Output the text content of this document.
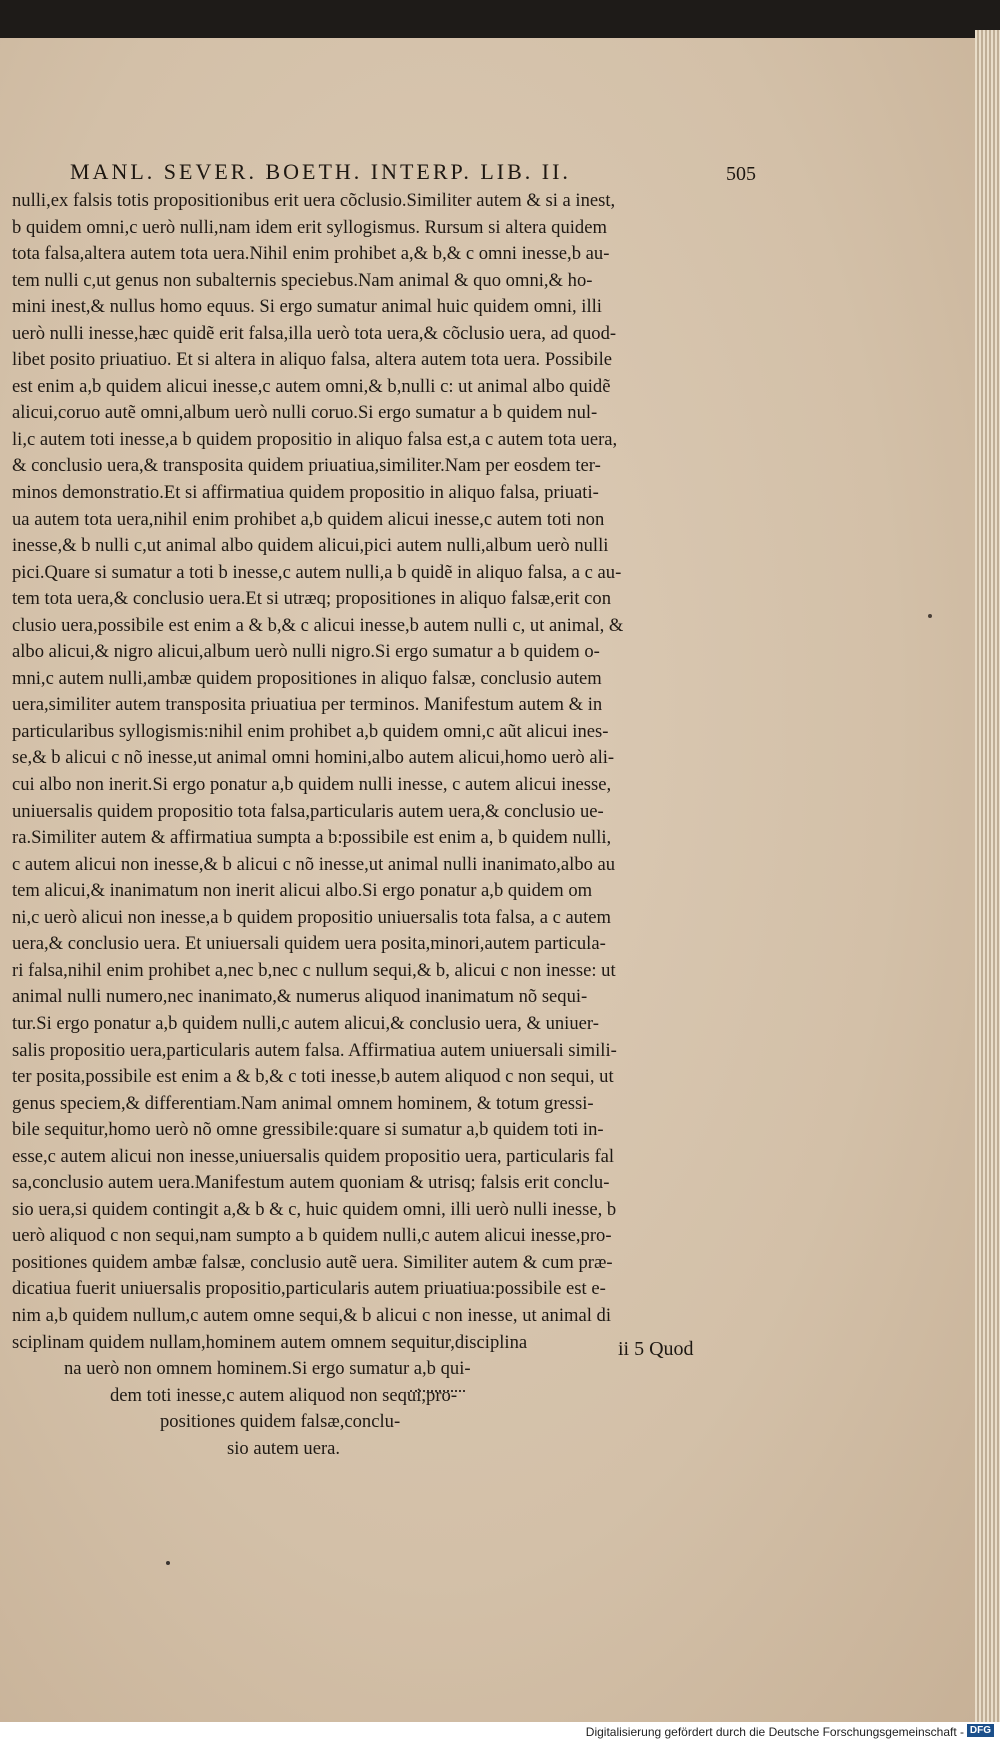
MANL. SEVER. BOETH. INTERP. LIB. II.	505
nulli,ex falsis totis propositionibus erit uera cõclusio.Similiter autem & si a inest,
b quidem omni,c uerò nulli,nam idem erit syllogismus. Rursum si altera quidem
tota falsa,altera autem tota uera.Nihil enim prohibet a,& b,& c omni inesse,b au-
tem nulli c,ut genus non subalternis speciebus.Nam animal & quo omni,& ho-
mini inest,& nullus homo equus. Si ergo sumatur animal huic quidem omni, illi
uerò nulli inesse,hæc quidẽ erit falsa,illa uerò tota uera,& cõclusio uera, ad quod-
libet posito priuatiuo. Et si altera in aliquo falsa, altera autem tota uera. Possibile
est enim a,b quidem alicui inesse,c autem omni,& b,nulli c: ut animal albo quidẽ
alicui,coruo autẽ omni,album uerò nulli coruo.Si ergo sumatur a b quidem nul-
li,c autem toti inesse,a b quidem propositio in aliquo falsa est,a c autem tota uera,
& conclusio uera,& transposita quidem priuatiua,similiter.Nam per eosdem ter-
minos demonstratio.Et si affirmatiua quidem propositio in aliquo falsa, priuati-
ua autem tota uera,nihil enim prohibet a,b quidem alicui inesse,c autem toti non
inesse,& b nulli c,ut animal albo quidem alicui,pici autem nulli,album uerò nulli
pici.Quare si sumatur a toti b inesse,c autem nulli,a b quidẽ in aliquo falsa, a c au-
tem tota uera,& conclusio uera.Et si utræq; propositiones in aliquo falsæ,erit con
clusio uera,possibile est enim a & b,& c alicui inesse,b autem nulli c, ut animal, &
albo alicui,& nigro alicui,album uerò nulli nigro.Si ergo sumatur a b quidem o-
mni,c autem nulli,ambæ quidem propositiones in aliquo falsæ, conclusio autem
uera,similiter autem transposita priuatiua per terminos. Manifestum autem & in
particularibus syllogismis:nihil enim prohibet a,b quidem omni,c aũt alicui ines-
se,& b alicui c nõ inesse,ut animal omni homini,albo autem alicui,homo uerò ali-
cui albo non inerit.Si ergo ponatur a,b quidem nulli inesse, c autem alicui inesse,
uniuersalis quidem propositio tota falsa,particularis autem uera,& conclusio ue-
ra.Similiter autem & affirmatiua sumpta a b:possibile est enim a, b quidem nulli,
c autem alicui non inesse,& b alicui c nõ inesse,ut animal nulli inanimato,albo au
tem alicui,& inanimatum non inerit alicui albo.Si ergo ponatur a,b quidem om
ni,c uerò alicui non inesse,a b quidem propositio uniuersalis tota falsa, a c autem
uera,& conclusio uera. Et uniuersali quidem uera posita,minori,autem particula-
ri falsa,nihil enim prohibet a,nec b,nec c nullum sequi,& b, alicui c non inesse: ut
animal nulli numero,nec inanimato,& numerus aliquod inanimatum nõ sequi-
tur.Si ergo ponatur a,b quidem nulli,c autem alicui,& conclusio uera, & uniuer-
salis propositio uera,particularis autem falsa. Affirmatiua autem uniuersali simili-
ter posita,possibile est enim a & b,& c toti inesse,b autem aliquod c non sequi, ut
genus speciem,& differentiam.Nam animal omnem hominem, & totum gressi-
bile sequitur,homo uerò nõ omne gressibile:quare si sumatur a,b quidem toti in-
esse,c autem alicui non inesse,uniuersalis quidem propositio uera, particularis fal
sa,conclusio autem uera.Manifestum autem quoniam & utrisq; falsis erit conclu-
sio uera,si quidem contingit a,& b & c, huic quidem omni, illi uerò nulli inesse, b
uerò aliquod c non sequi,nam sumpto a b quidem nulli,c autem alicui inesse,pro-
positiones quidem ambæ falsæ, conclusio autẽ uera. Similiter autem & cum præ-
dicatiua fuerit uniuersalis propositio,particularis autem priuatiua:possibile est e-
nim a,b quidem nullum,c autem omne sequi,& b alicui c non inesse, ut animal di
sciplinam quidem nullam,hominem autem omnem sequitur,disciplina
na uerò non omnem hominem.Si ergo sumatur a,b qui-
dem toti inesse,c autem aliquod non sequi,pro-
positiones quidem falsæ,conclu-
sio autem uera.
ii 5 Quod
Digitalisierung gefördert durch die Deutsche Forschungsgemeinschaft - DFG
